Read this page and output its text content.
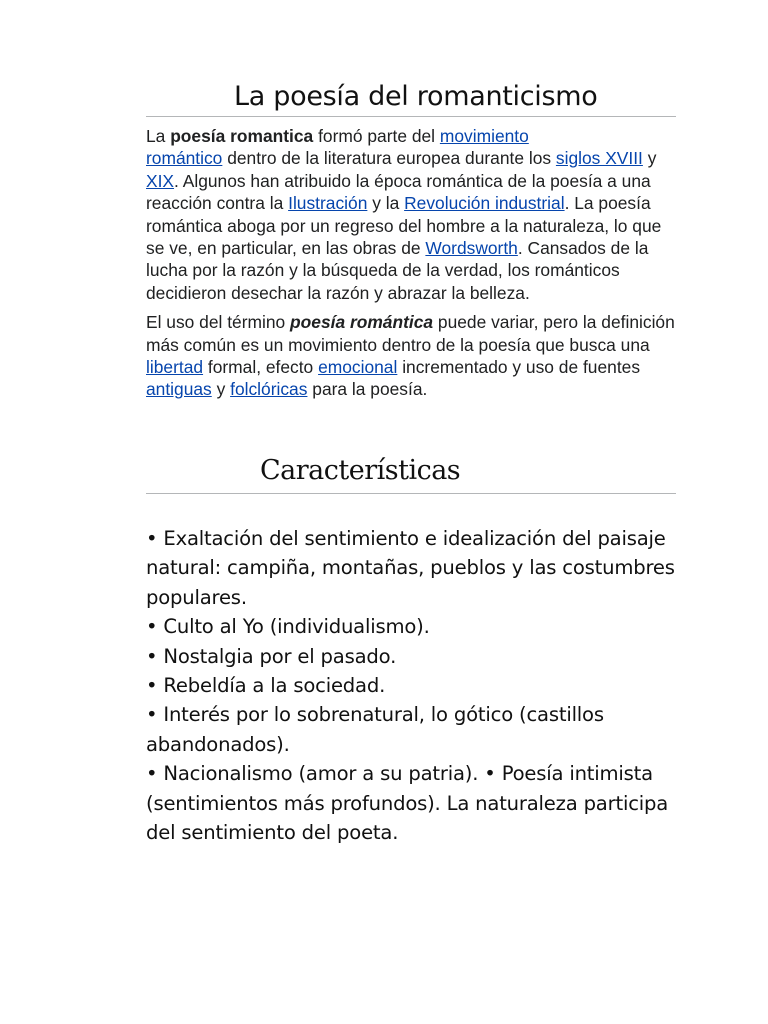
La poesía del romanticismo

La poesía romantica formó parte del movimiento
romántico dentro de la literatura europea durante los siglos XVIII y XIX. Algunos han atribuido la época romántica de la poesía a una reacción contra la Ilustración y la Revolución industrial. La poesía romántica aboga por un regreso del hombre a la naturaleza, lo que se ve, en particular, en las obras de Wordsworth. Cansados de la lucha por la razón y la búsqueda de la verdad, los románticos decidieron desechar la razón y abrazar la belleza.

El uso del término poesía romántica puede variar, pero la definición más común es un movimiento dentro de la poesía que busca una libertad formal, efecto emocional incrementado y uso de fuentes antiguas y folclóricas para la poesía.

Características
• Exaltación del sentimiento e idealización del paisaje natural: campiña, montañas, pueblos y las costumbres populares.
• Culto al Yo (individualismo).
• Nostalgia por el pasado.
• Rebeldía a la sociedad.
• Interés por lo sobrenatural, lo gótico (castillos abandonados).
• Nacionalismo (amor a su patria). • Poesía intimista (sentimientos más profundos). La naturaleza participa del sentimiento del poeta.
